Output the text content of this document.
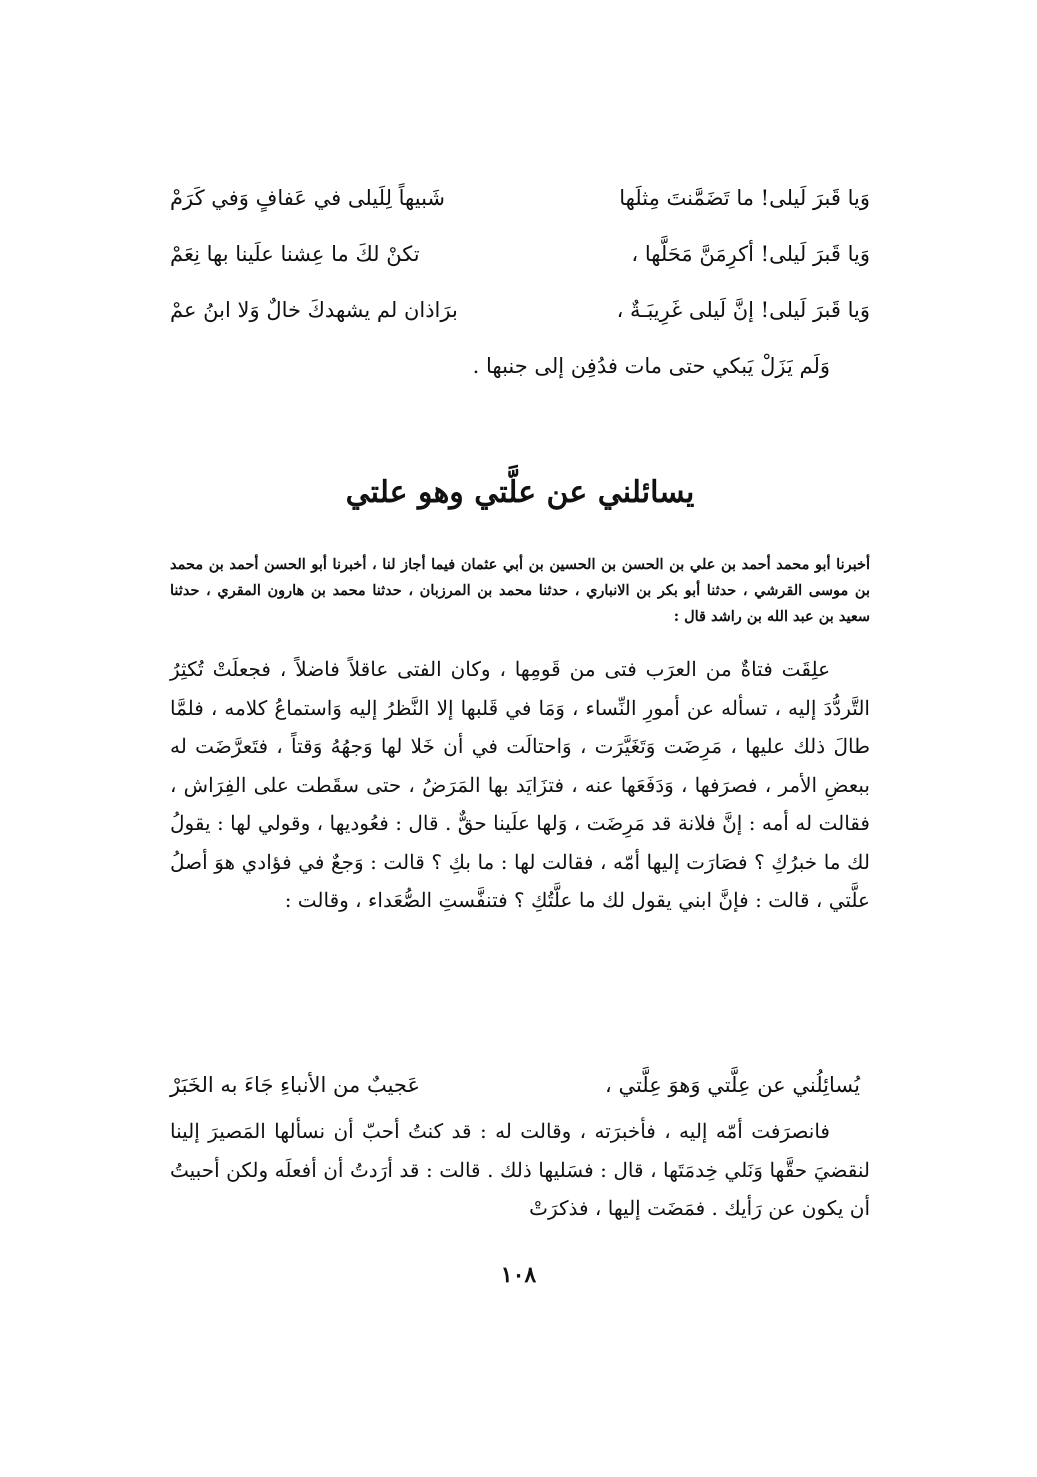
وَيا قَبرَ لَيلى! ما تَضَمَّنتَ مِثلَها
شَبيهاً لِلَيلى في عَفافٍ وَفي كَرَمْ
وَيا قَبرَ لَيلى! أكرِمَنَّ مَحَلَّها ،
تكنْ لكَ ما عِشنا علَينا بها نِعَمْ
وَيا قَبرَ لَيلى! إنَّ لَيلى غَرِيبَـةٌ ،
برَاذان لم يشهدكَ خالٌ وَلا ابنُ عمْ
وَلَم يَزَلْ يَبكي حتى مات فدُفِن إلى جنبها .
يسائلني عن علَّتي وهو علتي

أخبرنا أبو محمد أحمد بن علي بن الحسن بن الحسين بن أبي عثمان فيما أجاز لنا ، أخبرنا أبو الحسن أحمد بن محمد بن موسى القرشي ، حدثنا أبو بكر بن الانباري ، حدثنا محمد بن المرزبان ، حدثنا محمد بن هارون المقري ، حدثنا سعيد بن عبد الله بن راشد قال :

علِقَت فتاةٌ من العرَب فتى من قَومِها ، وكان الفتى عاقلاً فاضلاً ، فجعلَتْ تُكثِرُ التَّردُّدَ إليه ، تسأله عن أمورِ النِّساء ، وَمَا في قَلبها إلا النَّظرُ إليه وَاستماعُ كلامه ، فلمَّا طالَ ذلك عليها ، مَرِضَت وَتَغَيَّرَت ، وَاحتالَت في أن خَلا لها وَجهُهُ وَقتاً ، فتَعرَّضَت له ببعضِ الأمر ، فصرَفها ، وَدَفَعَها عنه ، فتزَايَد بها المَرَضُ ، حتى سقَطت على الفِرَاش ، فقالت له أمه : إنَّ فلانة قد مَرِضَت ، وَلها علَينا حقٌّ . قال : فعُوديها ، وقولي لها : يقولُ لك ما خبرُكِ ؟ فصَارَت إليها أمّه ، فقالت لها : ما بكِ ؟ قالت : وَجعٌ في فؤادي هوَ أصلُ علَّتي ، قالت : فإنَّ ابني يقول لك ما علَّتُكِ ؟ فتنفَّستِ الصُّعَداء ، وقالت :

يُسائِلُني عن عِلَّتي وَهوَ عِلَّتي ،
عَجيبٌ من الأنباءِ جَاءَ به الخَبَرْ

فانصرَفت أمّه إليه ، فأخبرَته ، وقالت له : قد كنتُ أحبّ أن نسألها المَصيرَ إلينا لنقضيَ حقَّها وَنَلي خِدمَتَها ، قال : فسَليها ذلك . قالت : قد أرَدتُ أن أفعلَه ولكن أحبيتُ أن يكون عن رَأيك . فمَضَت إليها ، فذكرَتْ

١٠٨
